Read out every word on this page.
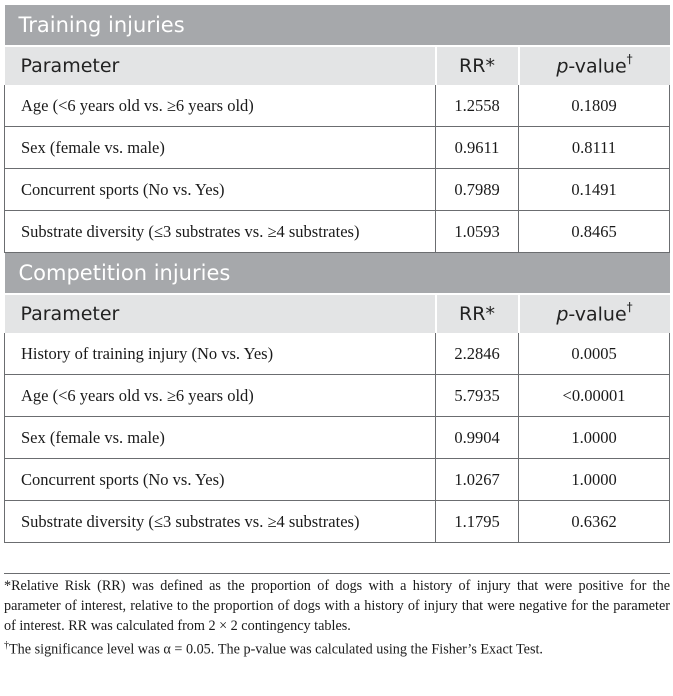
Training injuries		
Parameter	RR*	p-value†
Age (<6 years old vs. ≥6 years old)	1.2558	0.1809
Sex (female vs. male)	0.9611	0.8111
Concurrent sports (No vs. Yes)	0.7989	0.1491
Substrate diversity (≤3 substrates vs. ≥4 substrates)	1.0593	0.8465
Competition injuries		
Parameter	RR*	p-value†
History of training injury (No vs. Yes)	2.2846	0.0005
Age (<6 years old vs. ≥6 years old)	5.7935	<0.00001
Sex (female vs. male)	0.9904	1.0000
Concurrent sports (No vs. Yes)	1.0267	1.0000
Substrate diversity (≤3 substrates vs. ≥4 substrates)	1.1795	0.6362

*Relative Risk (RR) was defined as the proportion of dogs with a history of injury that were positive for the parameter of interest, relative to the proportion of dogs with a history of injury that were negative for the parameter of interest. RR was calculated from 2 × 2 contingency tables.

†The significance level was α = 0.05. The p-value was calculated using the Fisher’s Exact Test.
